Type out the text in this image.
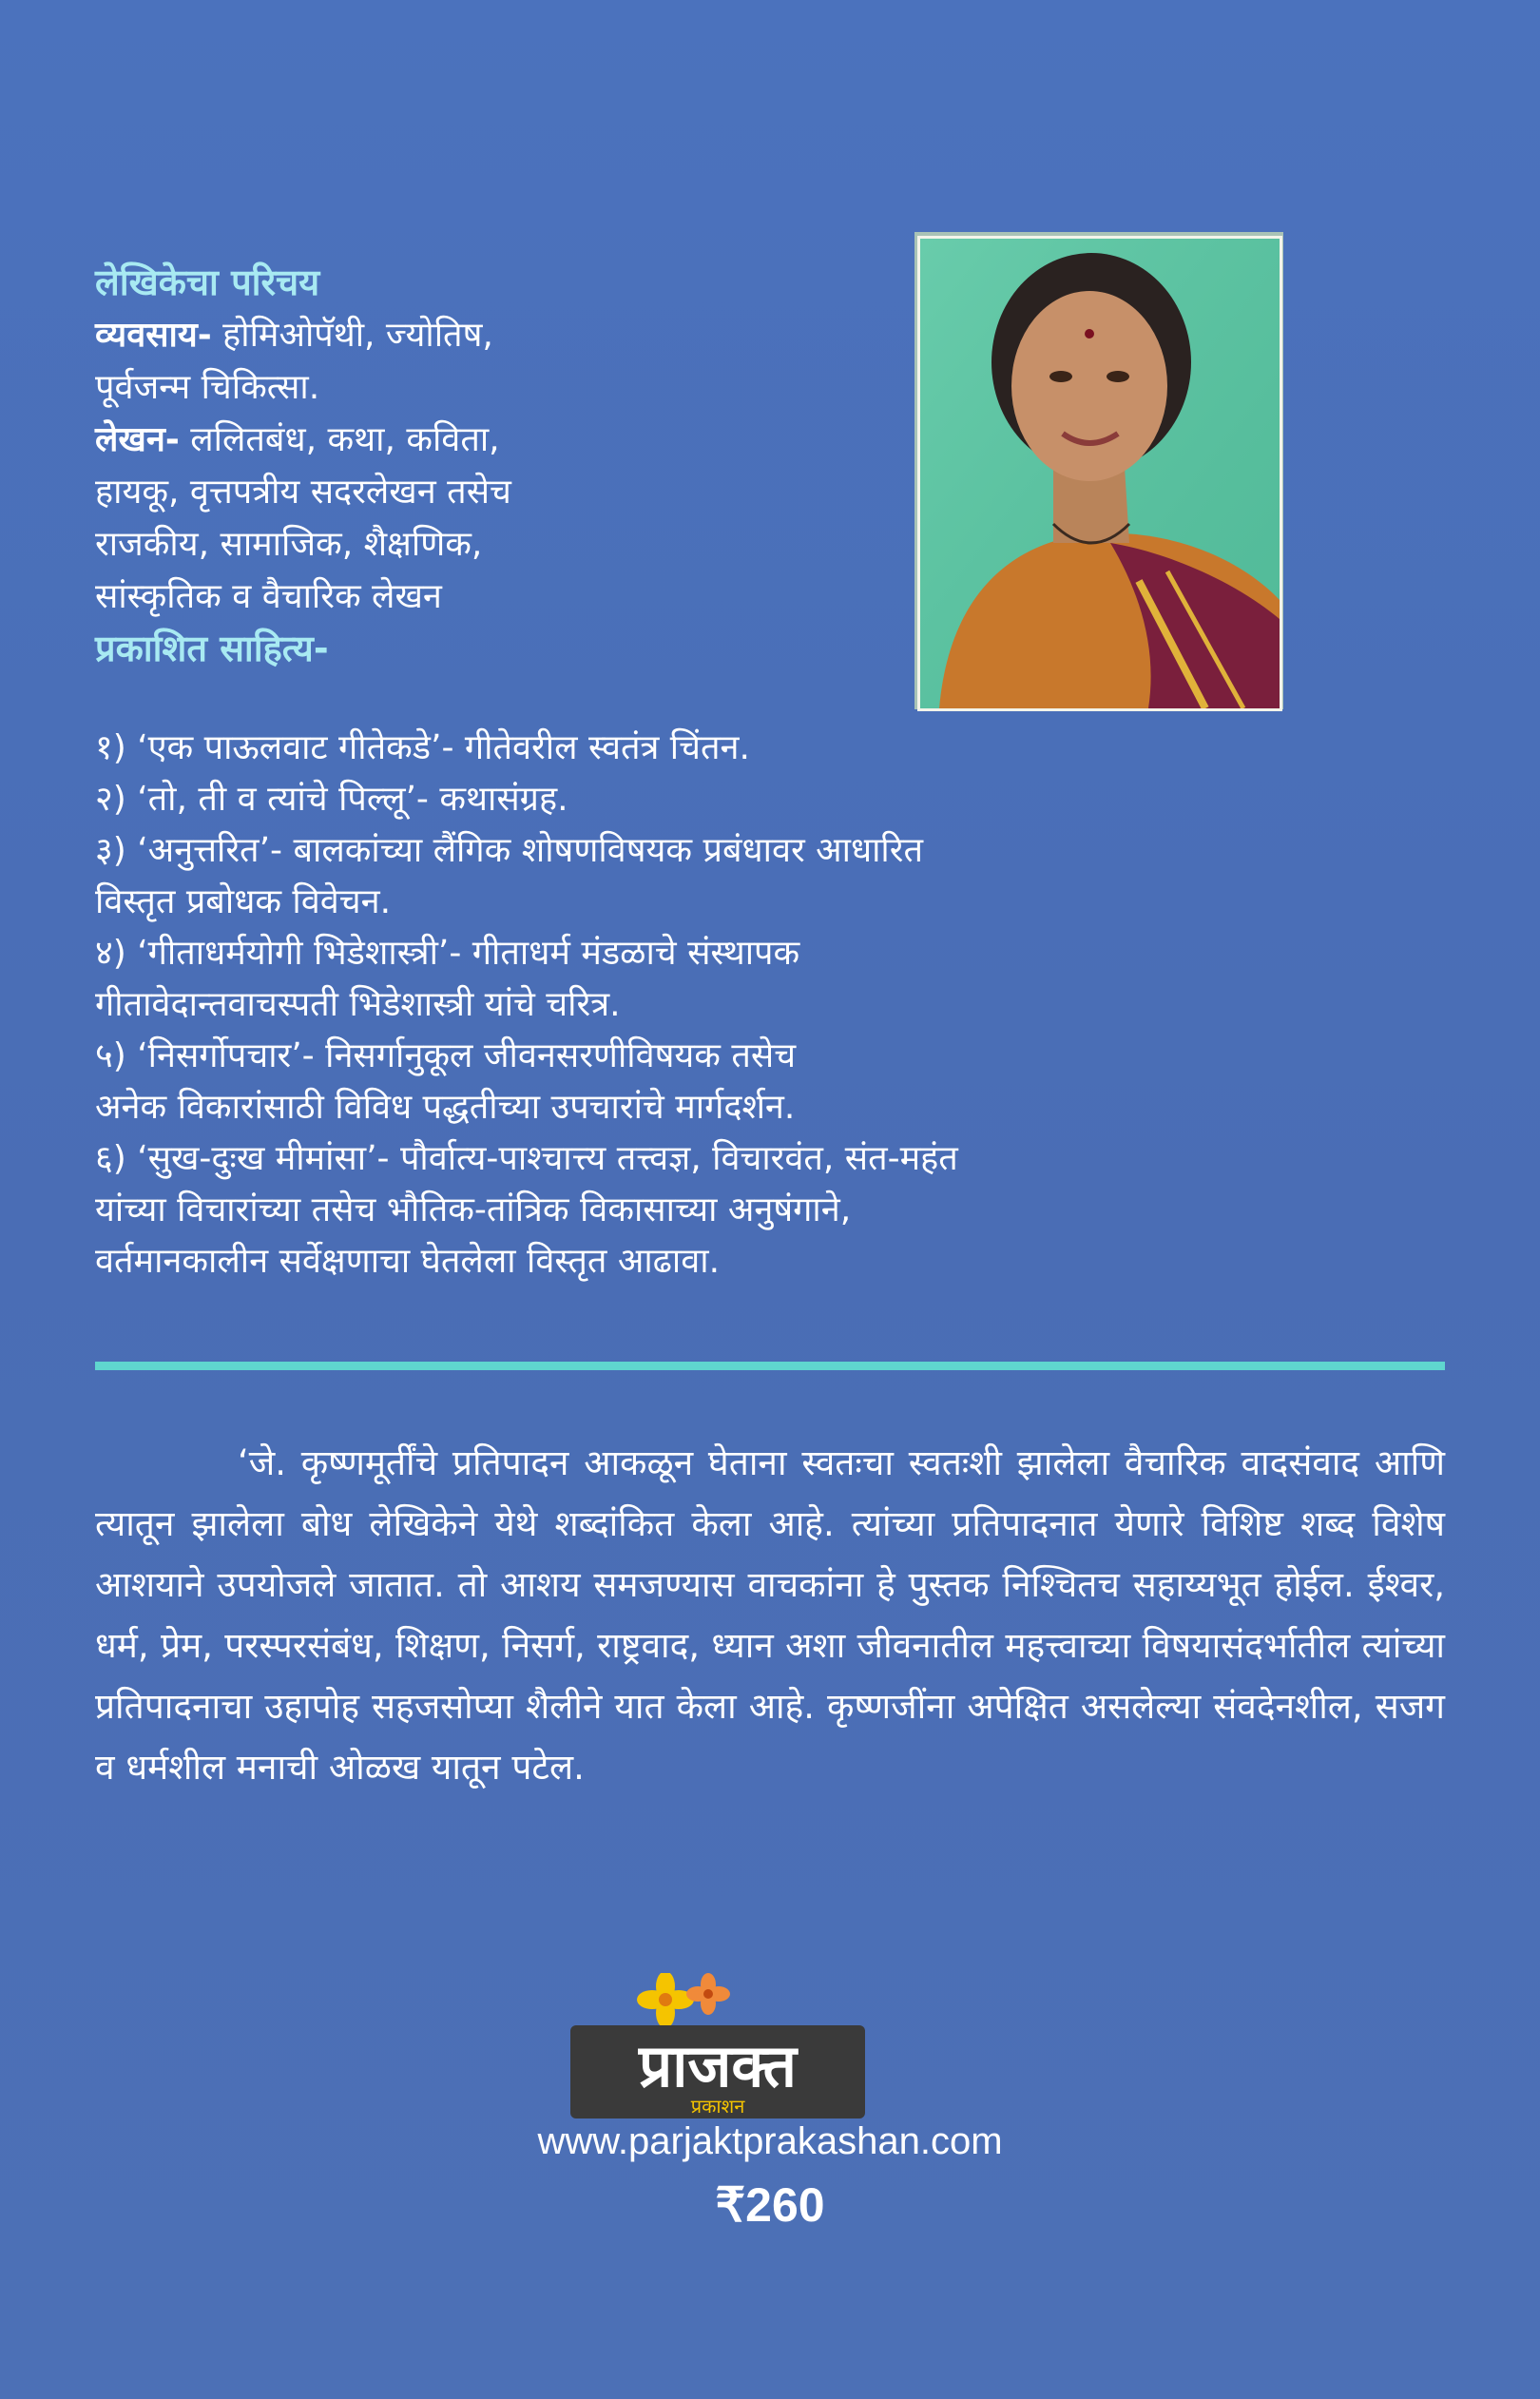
लेखिकेचा परिचय

व्यवसाय- होमिओपॅथी, ज्योतिष,

पूर्वजन्म चिकित्सा.

लेखन- ललितबंध, कथा, कविता,

हायकू, वृत्तपत्रीय सदरलेखन तसेच

राजकीय, सामाजिक, शैक्षणिक,

सांस्कृतिक व वैचारिक लेखन

प्रकाशित साहित्य-

१) ‘एक पाऊलवाट गीतेकडे’- गीतेवरील स्वतंत्र चिंतन.

२) ‘तो, ती व त्यांचे पिल्लू’- कथासंग्रह.

३) ‘अनुत्तरित’- बालकांच्या लैंगिक शोषणविषयक प्रबंधावर आधारित

विस्तृत प्रबोधक विवेचन.

४) ‘गीताधर्मयोगी भिडेशास्त्री’- गीताधर्म मंडळाचे संस्थापक

गीतावेदान्तवाचस्पती भिडेशास्त्री यांचे चरित्र.

५) ‘निसर्गोपचार’- निसर्गानुकूल जीवनसरणीविषयक तसेच

अनेक विकारांसाठी विविध पद्धतीच्या उपचारांचे मार्गदर्शन.

६) ‘सुख-दुःख मीमांसा’- पौर्वात्य-पाश्चात्त्य तत्त्वज्ञ, विचारवंत, संत-महंत

यांच्या विचारांच्या तसेच भौतिक-तांत्रिक विकासाच्या अनुषंगाने,

वर्तमानकालीन सर्वेक्षणाचा घेतलेला विस्तृत आढावा.

‘जे. कृष्णमूर्तींचे प्रतिपादन आकळून घेताना स्वतःचा स्वतःशी झालेला वैचारिक वादसंवाद आणि त्यातून झालेला बोध लेखिकेने येथे शब्दांकित केला आहे. त्यांच्या प्रतिपादनात येणारे विशिष्ट शब्द विशेष आशयाने उपयोजले जातात. तो आशय समजण्यास वाचकांना हे पुस्तक निश्चितच सहाय्यभूत होईल. ईश्वर, धर्म, प्रेम, परस्परसंबंध, शिक्षण, निसर्ग, राष्ट्रवाद, ध्यान अशा जीवनातील महत्त्वाच्या विषयासंदर्भातील त्यांच्या प्रतिपादनाचा उहापोह सहजसोप्या शैलीने यात केला आहे. कृष्णजींना अपेक्षित असलेल्या संवदेनशील, सजग व धर्मशील मनाची ओळख यातून पटेल.

प्राजक्त
प्रकाशन
www.parjaktprakashan.com
₹260
